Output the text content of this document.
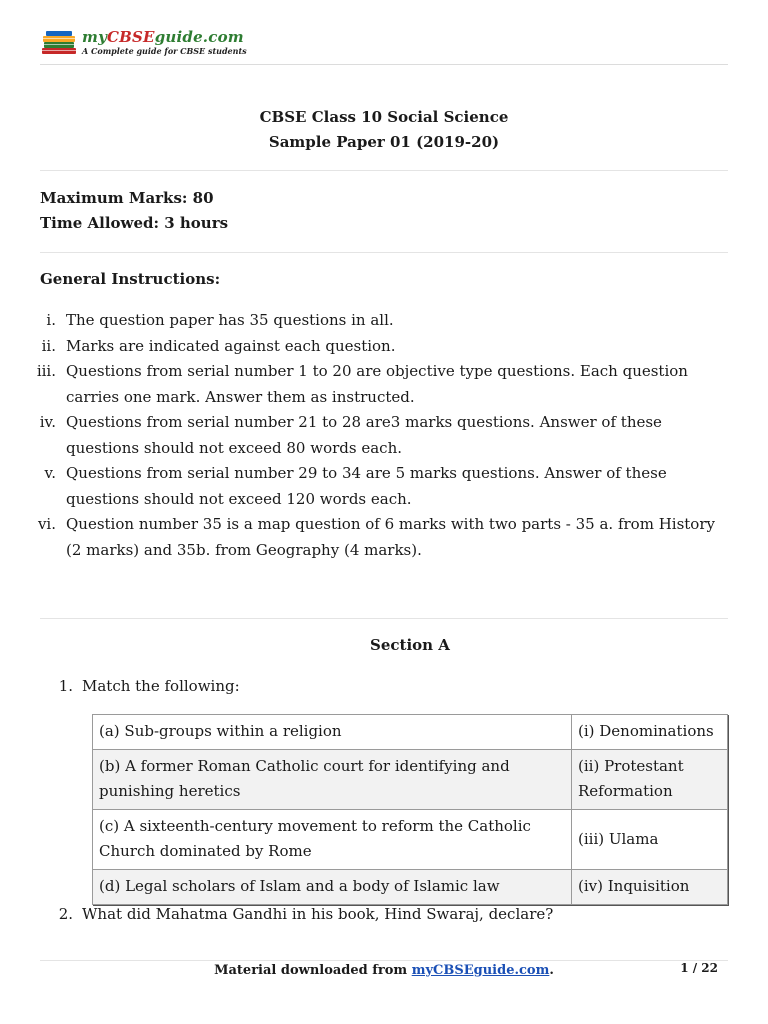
myCBSEguide.com
A Complete guide for CBSE students
CBSE Class 10 Social Science
Sample Paper 01 (2019-20)
Maximum Marks: 80
Time Allowed: 3 hours
General Instructions:
i. The question paper has 35 questions in all.
ii. Marks are indicated against each question.
iii. Questions from serial number 1 to 20 are objective type questions. Each question carries one mark. Answer them as instructed.
iv. Questions from serial number 21 to 28 are3 marks questions. Answer of these questions should not exceed 80 words each.
v. Questions from serial number 29 to 34 are 5 marks questions. Answer of these questions should not exceed 120 words each.
vi. Question number 35 is a map question of 6 marks with two parts - 35 a. from History (2 marks) and 35b. from Geography (4 marks).
Section A
1. Match the following:
(a) Sub-groups within a religion	(i) Denominations
(b) A former Roman Catholic court for identifying and punishing heretics	(ii) Protestant Reformation
(c) A sixteenth-century movement to reform the Catholic Church dominated by Rome	(iii) Ulama
(d) Legal scholars of Islam and a body of Islamic law	(iv) Inquisition
2. What did Mahatma Gandhi in his book, Hind Swaraj, declare?
Material downloaded from myCBSEguide.com.	1 / 22
